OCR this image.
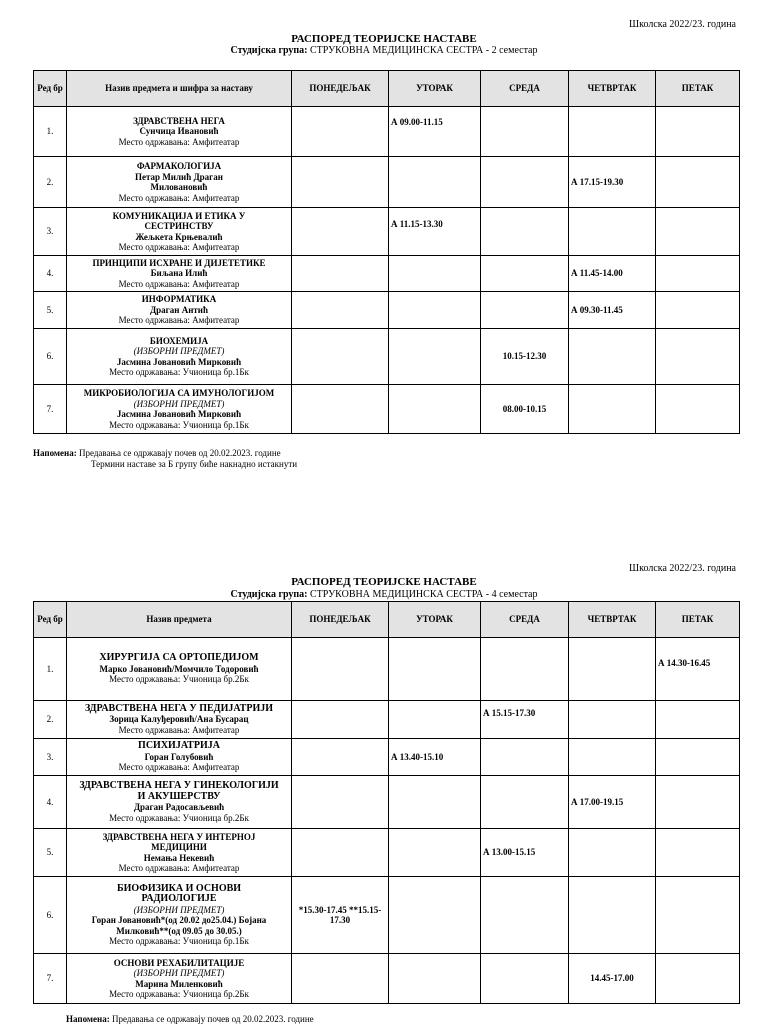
Школска 2022/23. година
РАСПОРЕД ТЕОРИЈСКЕ НАСТАВЕ
Студијска група: СТРУКОВНА МЕДИЦИНСКА СЕСТРА - 2 семестар
Ред бр	Назив предмета и шифра за наставу	ПОНЕДЕЉАК	УТОРАК	СРЕДА	ЧЕТВРТАК	ПЕТАК
1.	ЗДРАВСТВЕНА НЕГА
Сунчица Ивановић
Место одржавања: Амфитеатар		А 09.00-11.15			
2.	ФАРМАКОЛОГИЈА
Петар Милић Драган Миловановић
Место одржавања: Амфитеатар				А 17.15-19.30	
3.	КОМУНИКАЦИЈА И ЕТИКА У СЕСТРИНСТВУ
Жељкета Крњевалић
Место одржавања: Амфитеатар		А 11.15-13.30			
4.	ПРИНЦИПИ ИСХРАНЕ И ДИЈЕТЕТИКЕ
Биљана Илић
Место одржавања: Амфитеатар				А 11.45-14.00	
5.	ИНФОРМАТИКА
Драган Антић
Место одржавања: Амфитеатар				А 09.30-11.45	
6.	БИОХЕМИЈА
(ИЗБОРНИ ПРЕДМЕТ)
Јасмина Јовановић Мирковић
Место одржавања: Учионица бр.1Бк			10.15-12.30		
7.	МИКРОБИОЛОГИЈА СА ИМУНОЛОГИЈОМ
(ИЗБОРНИ ПРЕДМЕТ)
Јасмина Јовановић Мирковић
Место одржавања: Учионица бр.1Бк			08.00-10.15		
Напомена: Предавања се одржавају почев од 20.02.2023. године
Термини наставе за Б групу биће накнадно истакнути
Школска 2022/23. година
РАСПОРЕД ТЕОРИЈСКЕ НАСТАВЕ
Студијска група: СТРУКОВНА МЕДИЦИНСКА СЕСТРА - 4 семестар
Ред бр	Назив предмета	ПОНЕДЕЉАК	УТОРАК	СРЕДА	ЧЕТВРТАК	ПЕТАК
1.	ХИРУРГИЈА СА ОРТОПЕДИЈОМ
Марко Јовановић/Момчило Тодоровић
Место одржавања: Учионица бр.2Бк					А 14.30-16.45
2.	ЗДРАВСТВЕНА НЕГА У ПЕДИЈАТРИЈИ
Зорица Калуђеровић/Ана Бусарац
Место одржавања: Амфитеатар			А 15.15-17.30		
3.	ПСИХИЈАТРИЈА
Горан Голубовић
Место одржавања: Амфитеатар		А 13.40-15.10			
4.	ЗДРАВСТВЕНА НЕГА У ГИНЕКОЛОГИЈИ И АКУШЕРСТВУ
Драган Радосављевић
Место одржавања: Учионица бр.2Бк				А 17.00-19.15	
5.	ЗДРАВСТВЕНА НЕГА У ИНТЕРНОЈ МЕДИЦИНИ
Немања Некевић
Место одржавања: Амфитеатар			А 13.00-15.15		
6.	БИОФИЗИКА И ОСНОВИ РАДИОЛОГИЈЕ
(ИЗБОРНИ ПРЕДМЕТ)
Горан Јовановић*(од 20.02 до25.04.) Бојана Милковић**(од 09.05 до 30.05.)
Место одржавања: Учионица бр.1Бк	*15.30-17.45 **15.15-17.30				
7.	ОСНОВИ РЕХАБИЛИТАЦИЈЕ
(ИЗБОРНИ ПРЕДМЕТ)
Марина Миленковић
Место одржавања: Учионица бр.2Бк				14.45-17.00	
Напомена: Предавања се одржавају почев од 20.02.2023. године
